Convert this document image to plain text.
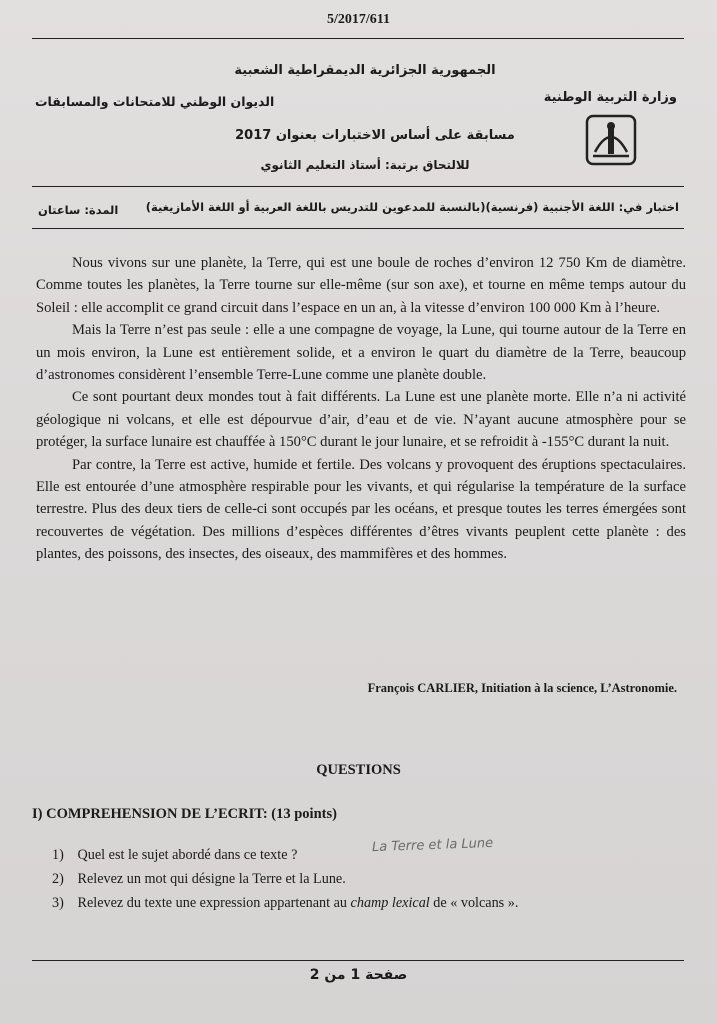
5/2017/611
الجمهورية الجزائرية الديمقراطية الشعبية
وزارة التربية الوطنية
الديوان الوطني للامتحانات والمسابقات
مسابقة على أساس الاختبارات بعنوان 2017
للالتحاق برتبة: أستاذ التعليم الثانوي
اختبار في: اللغة الأجنبية (فرنسية)(بالنسبة للمدعوين للتدريس باللغة العربية أو اللغة الأمازيغية)
المدة: ساعتان

Nous vivons sur une planète, la Terre, qui est une boule de roches d’environ 12 750 Km de diamètre. Comme toutes les planètes, la Terre tourne sur elle-même (sur son axe), et tourne en même temps autour du Soleil : elle accomplit ce grand circuit dans l’espace en un an, à la vitesse d’environ 100 000 Km à l’heure.

Mais la Terre n’est pas seule : elle a une compagne de voyage, la Lune, qui tourne autour de la Terre en un mois environ, la Lune est entièrement solide, et a environ le quart du diamètre de la Terre, beaucoup d’astronomes considèrent l’ensemble Terre-Lune comme une planète double.

Ce sont pourtant deux mondes tout à fait différents. La Lune est une planète morte. Elle n’a ni activité géologique ni volcans, et elle est dépourvue d’air, d’eau et de vie. N’ayant aucune atmosphère pour se protéger, la surface lunaire est chauffée à 150°C durant le jour lunaire, et se refroidit à -155°C durant la nuit.

Par contre, la Terre est active, humide et fertile. Des volcans y provoquent des éruptions spectaculaires. Elle est entourée d’une atmosphère respirable pour les vivants, et qui régularise la température de la surface terrestre. Plus des deux tiers de celle-ci sont occupés par les océans, et presque toutes les terres émergées sont recouvertes de végétation. Des millions d’espèces différentes d’êtres vivants peuplent cette planète : des plantes, des poissons, des insectes, des oiseaux, des mammifères et des hommes.

François CARLIER, Initiation à la science, L’Astronomie.
QUESTIONS
I) COMPREHENSION DE L’ECRIT: (13 points)
1) Quel est le sujet abordé dans ce texte ?
2) Relevez un mot qui désigne la Terre et la Lune.
3) Relevez du texte une expression appartenant au champ lexical de « volcans ».
La Terre et la Lune
صفحة 1 من 2
